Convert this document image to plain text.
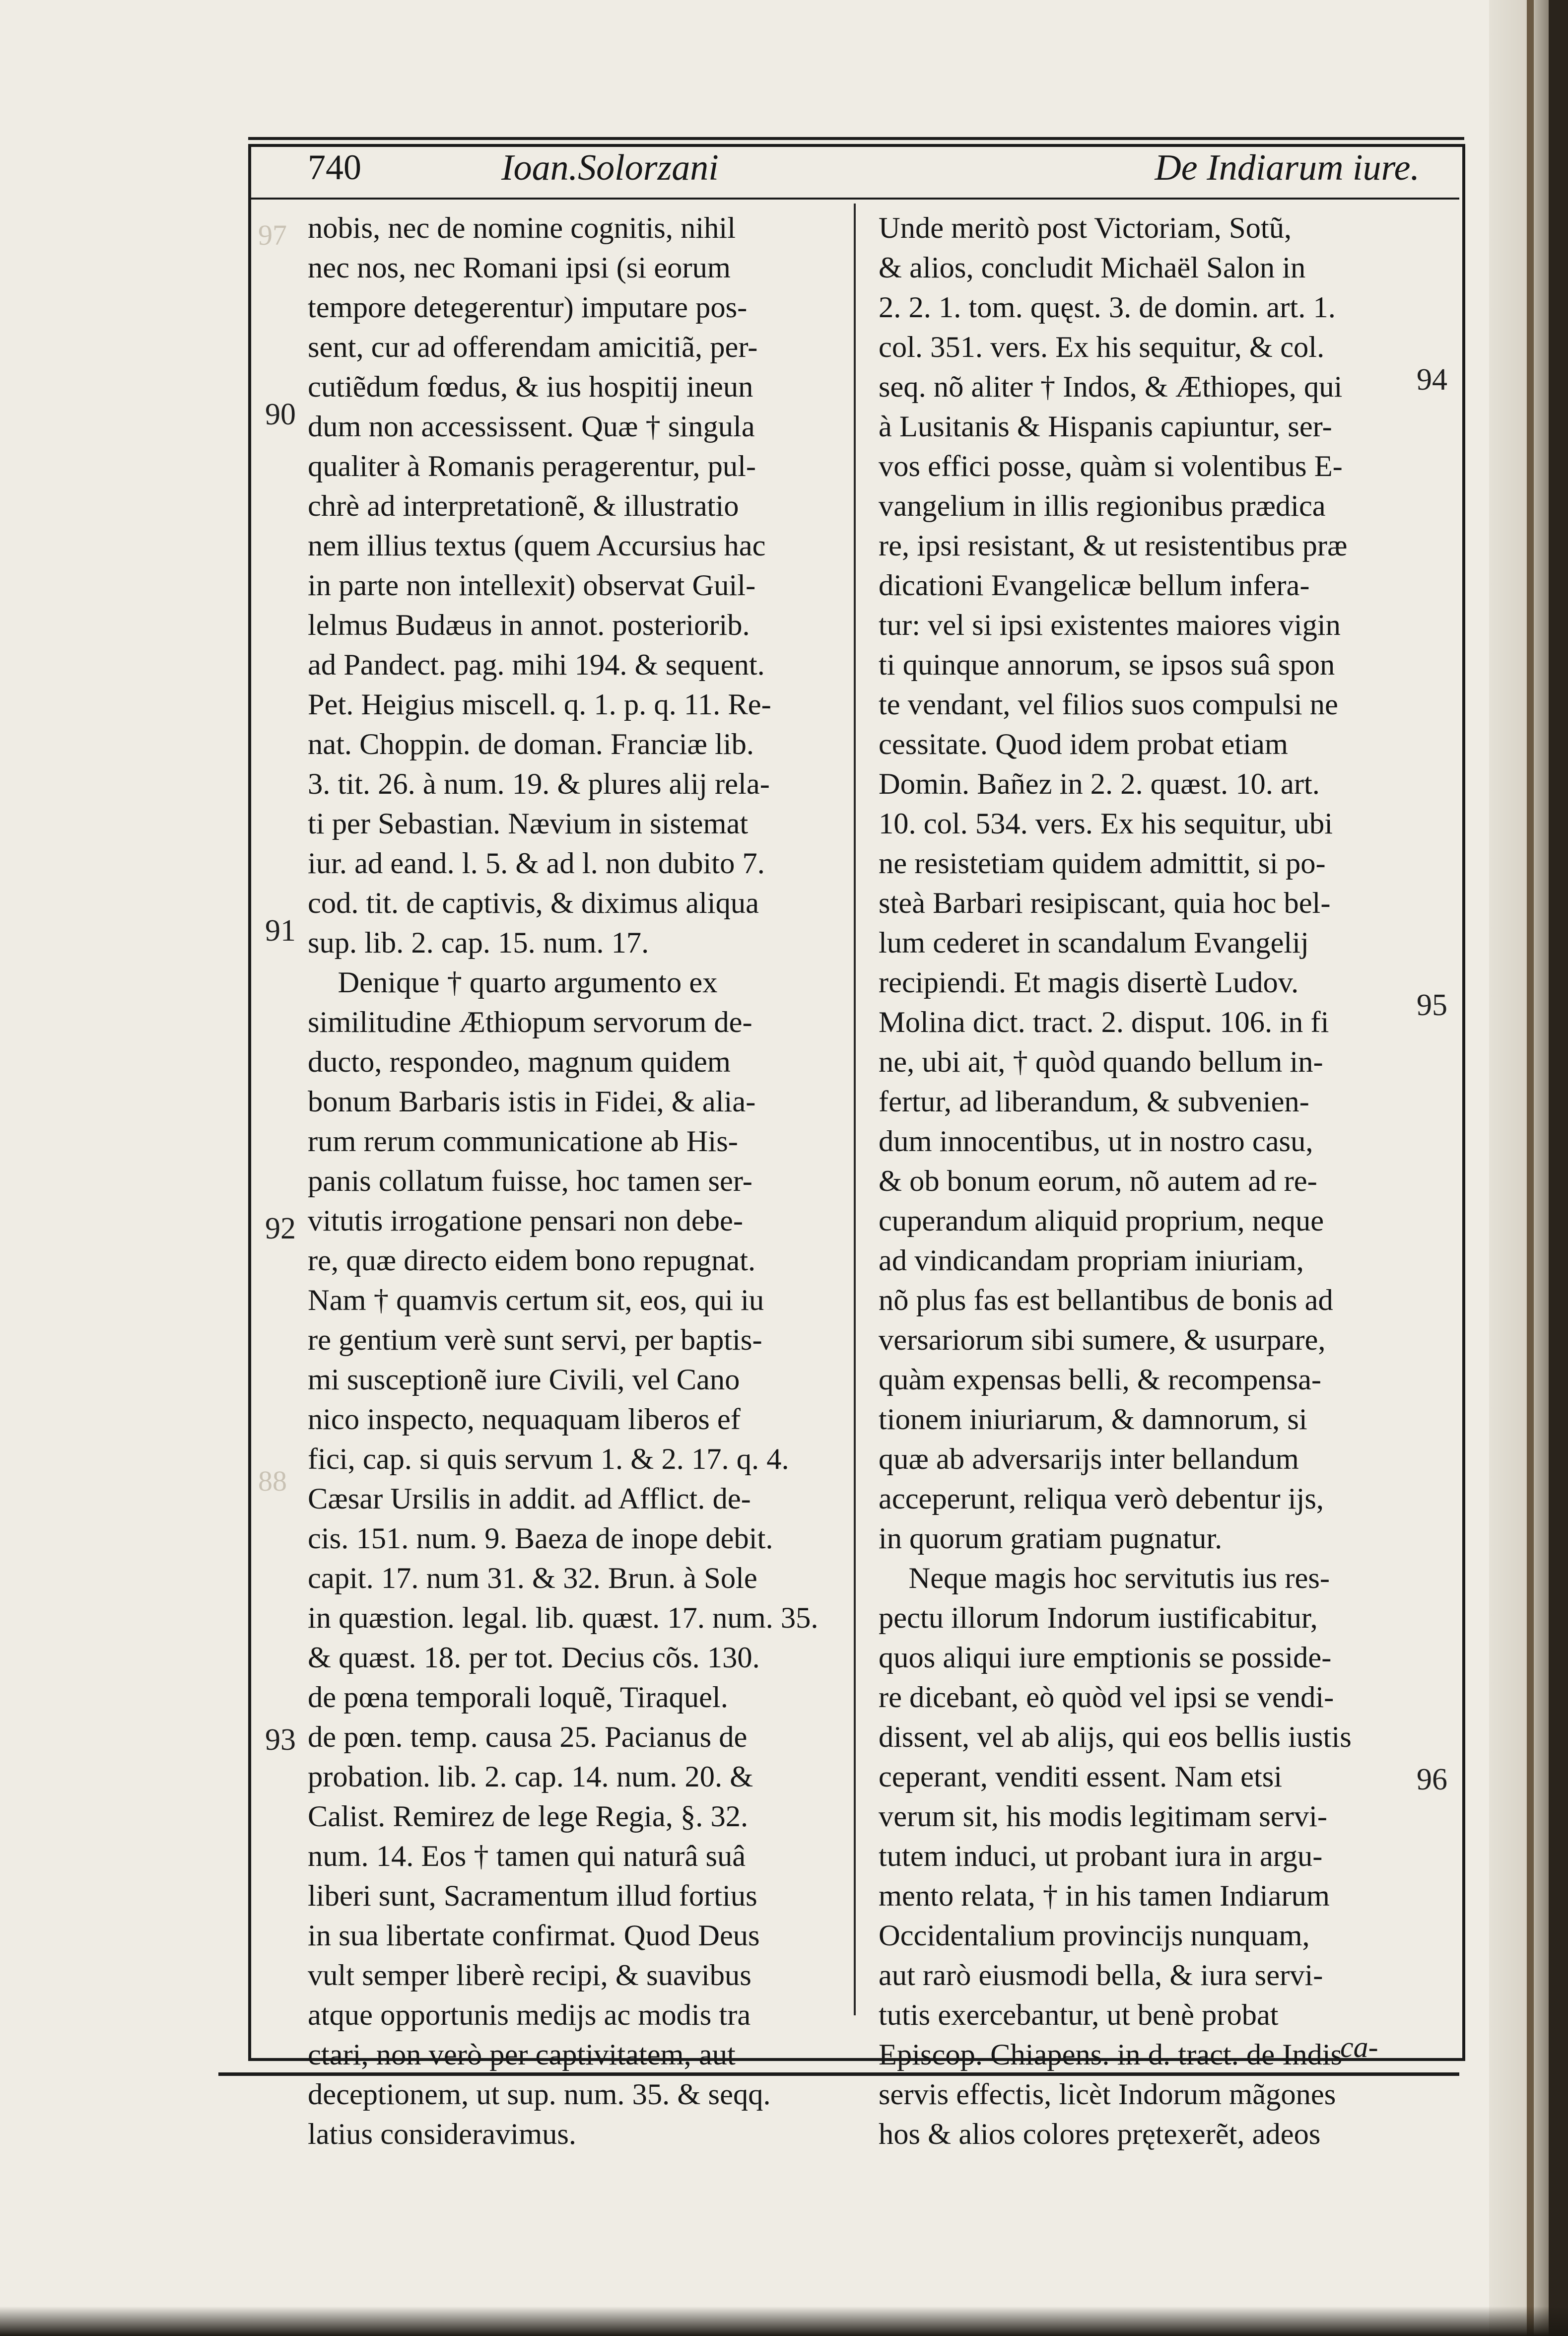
740	Ioan.Solorzani	De Indiarum iure.
nobis, nec de nomine cognitis, nihil
nec nos, nec Romani ipsi (si eorum
tempore detegerentur) imputare pos-
sent, cur ad offerendam amicitiã, per-
cutiẽdum fœdus, & ius hospitij ineun
dum non accessissent. Quæ † singula
qualiter à Romanis peragerentur, pul-
chrè ad interpretationẽ, & illustratio
nem illius textus (quem Accursius hac
in parte non intellexit) observat Guil-
lelmus Budæus in annot. posteriorib.
ad Pandect. pag. mihi 194. & sequent.
Pet. Heigius miscell. q. 1. p. q. 11. Re-
nat. Choppin. de doman. Franciæ lib.
3. tit. 26. à num. 19. & plures alij rela-
ti per Sebastian. Nævium in sistemat
iur. ad eand. l. 5. & ad l. non dubito 7.
cod. tit. de captivis, & diximus aliqua
sup. lib. 2. cap. 15. num. 17.
Denique † quarto argumento ex
similitudine Æthiopum servorum de-
ducto, respondeo, magnum quidem
bonum Barbaris istis in Fidei, & alia-
rum rerum communicatione ab His-
panis collatum fuisse, hoc tamen ser-
vitutis irrogatione pensari non debe-
re, quæ directo eidem bono repugnat.
Nam † quamvis certum sit, eos, qui iu
re gentium verè sunt servi, per baptis-
mi susceptionẽ iure Civili, vel Cano
nico inspecto, nequaquam liberos ef
fici, cap. si quis servum 1. & 2. 17. q. 4.
Cæsar Ursilis in addit. ad Afflict. de-
cis. 151. num. 9. Baeza de inope debit.
capit. 17. num 31. & 32. Brun. à Sole
in quæstion. legal. lib. quæst. 17. num. 35.
& quæst. 18. per tot. Decius cõs. 130.
de pœna temporali loquẽ, Tiraquel.
de pœn. temp. causa 25. Pacianus de
probation. lib. 2. cap. 14. num. 20. &
Calist. Remirez de lege Regia, §. 32.
num. 14. Eos † tamen qui naturâ suâ
liberi sunt, Sacramentum illud fortius
in sua libertate confirmat. Quod Deus
vult semper liberè recipi, & suavibus
atque opportunis medijs ac modis tra
ctari, non verò per captivitatem, aut
deceptionem, ut sup. num. 35. & seqq.
latius consideravimus.
Unde meritò post Victoriam, Sotũ,
& alios, concludit Michaël Salon in
2. 2. 1. tom. quęst. 3. de domin. art. 1.
col. 351. vers. Ex his sequitur, & col.
seq. nõ aliter † Indos, & Æthiopes, qui
à Lusitanis & Hispanis capiuntur, ser-
vos effici posse, quàm si volentibus E-
vangelium in illis regionibus prædica
re, ipsi resistant, & ut resistentibus præ
dicationi Evangelicæ bellum infera-
tur: vel si ipsi existentes maiores vigin
ti quinque annorum, se ipsos suâ spon
te vendant, vel filios suos compulsi ne
cessitate. Quod idem probat etiam
Domin. Bañez in 2. 2. quæst. 10. art.
10. col. 534. vers. Ex his sequitur, ubi
ne resistetiam quidem admittit, si po-
steà Barbari resipiscant, quia hoc bel-
lum cederet in scandalum Evangelij
recipiendi. Et magis disertè Ludov.
Molina dict. tract. 2. disput. 106. in fi
ne, ubi ait, † quòd quando bellum in-
fertur, ad liberandum, & subvenien-
dum innocentibus, ut in nostro casu,
& ob bonum eorum, nõ autem ad re-
cuperandum aliquid proprium, neque
ad vindicandam propriam iniuriam,
nõ plus fas est bellantibus de bonis ad
versariorum sibi sumere, & usurpare,
quàm expensas belli, & recompensa-
tionem iniuriarum, & damnorum, si
quæ ab adversarijs inter bellandum
acceperunt, reliqua verò debentur ijs,
in quorum gratiam pugnatur.
Neque magis hoc servitutis ius res-
pectu illorum Indorum iustificabitur,
quos aliqui iure emptionis se posside-
re dicebant, eò quòd vel ipsi se vendi-
dissent, vel ab alijs, qui eos bellis iustis
ceperant, venditi essent. Nam etsi
verum sit, his modis legitimam servi-
tutem induci, ut probant iura in argu-
mento relata, † in his tamen Indiarum
Occidentalium provincijs nunquam,
aut rarò eiusmodi bella, & iura servi-
tutis exercebantur, ut benè probat
Episcop. Chiapens. in d. tract. de Indis
servis effectis, licèt Indorum mãgones
hos & alios colores prętexerẽt, adeos
90
91
92
93
94
95
96
88
97
ca-
